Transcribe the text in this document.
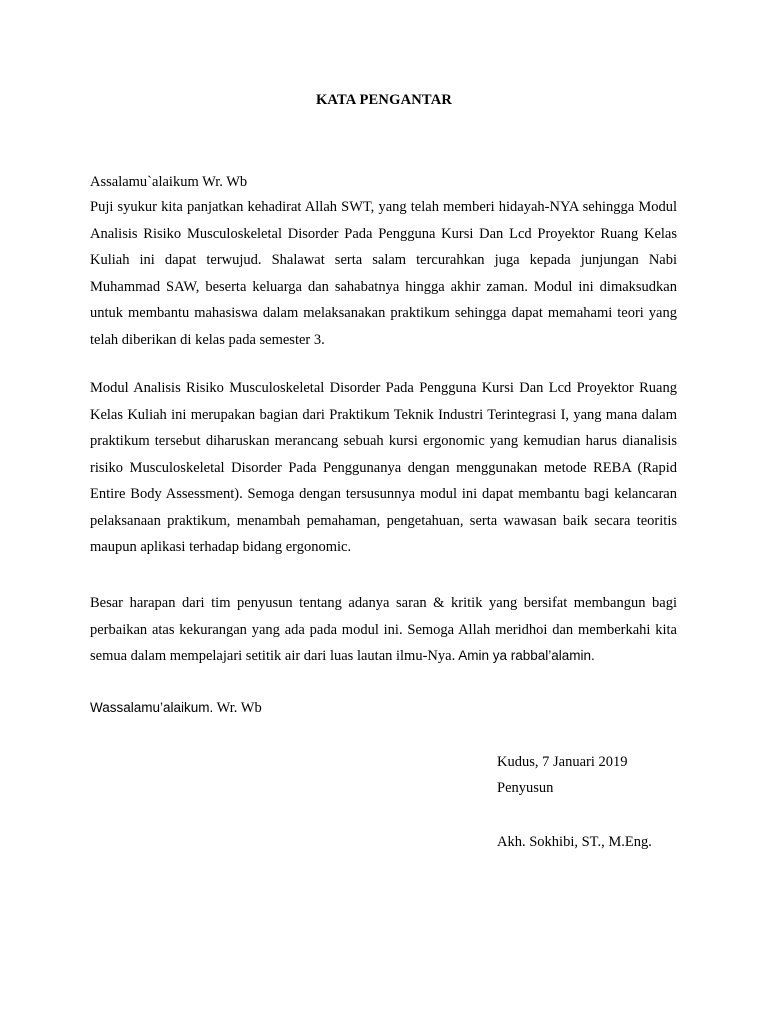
KATA PENGANTAR
Assalamu`alaikum Wr. Wb

Puji syukur kita panjatkan kehadirat Allah SWT, yang telah memberi hidayah-NYA sehingga Modul Analisis Risiko Musculoskeletal Disorder Pada Pengguna Kursi Dan Lcd Proyektor Ruang Kelas Kuliah ini dapat terwujud. Shalawat serta salam tercurahkan juga kepada junjungan Nabi Muhammad SAW, beserta keluarga dan sahabatnya hingga akhir zaman. Modul ini dimaksudkan untuk membantu mahasiswa dalam melaksanakan praktikum sehingga dapat memahami teori yang telah diberikan di kelas pada semester 3.

Modul Analisis Risiko Musculoskeletal Disorder Pada Pengguna Kursi Dan Lcd Proyektor Ruang Kelas Kuliah ini merupakan bagian dari Praktikum Teknik Industri Terintegrasi I, yang mana dalam praktikum tersebut diharuskan merancang sebuah kursi ergonomic yang kemudian harus dianalisis risiko Musculoskeletal Disorder Pada Penggunanya dengan menggunakan metode REBA (Rapid Entire Body Assessment). Semoga dengan tersusunnya modul ini dapat membantu bagi kelancaran pelaksanaan praktikum, menambah pemahaman, pengetahuan, serta wawasan baik secara teoritis maupun aplikasi terhadap bidang ergonomic.

Besar harapan dari tim penyusun tentang adanya saran & kritik yang bersifat membangun bagi perbaikan atas kekurangan yang ada pada modul ini. Semoga Allah meridhoi dan memberkahi kita semua dalam mempelajari setitik air dari luas lautan ilmu-Nya. Amin ya rabbal’alamin.

Wassalamu’alaikum. Wr. Wb
Kudus, 7 Januari 2019
Penyusun
Akh. Sokhibi, ST., M.Eng.
